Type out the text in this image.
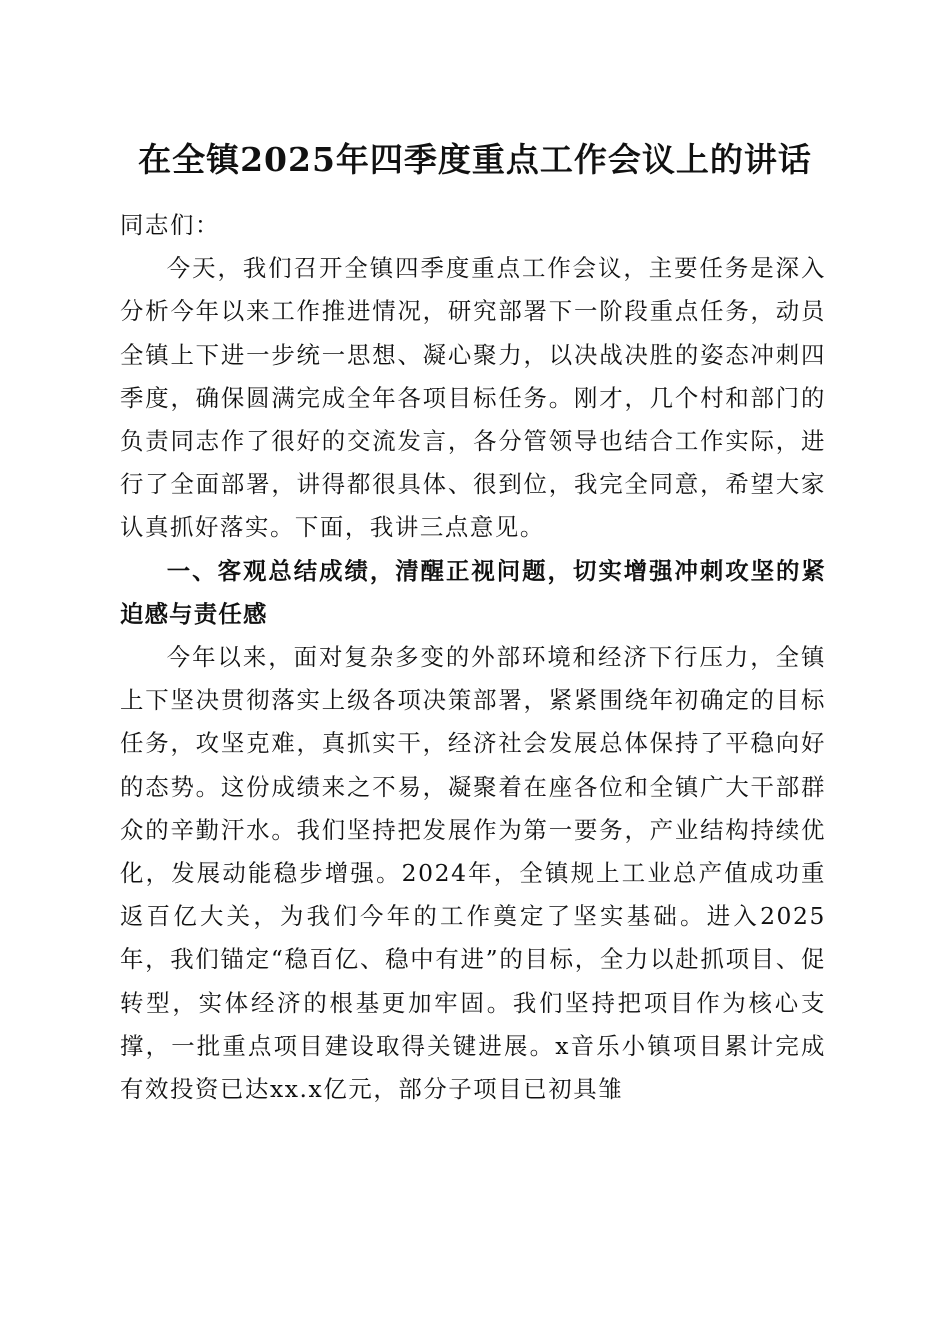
在全镇2025年四季度重点工作会议上的讲话

同志们：

今天，我们召开全镇四季度重点工作会议，主要任务是深入分析今年以来工作推进情况，研究部署下一阶段重点任务，动员全镇上下进一步统一思想、凝心聚力，以决战决胜的姿态冲刺四季度，确保圆满完成全年各项目标任务。刚才，几个村和部门的负责同志作了很好的交流发言，各分管领导也结合工作实际，进行了全面部署，讲得都很具体、很到位，我完全同意，希望大家认真抓好落实。下面，我讲三点意见。

一、客观总结成绩，清醒正视问题，切实增强冲刺攻坚的紧迫感与责任感

今年以来，面对复杂多变的外部环境和经济下行压力，全镇上下坚决贯彻落实上级各项决策部署，紧紧围绕年初确定的目标任务，攻坚克难，真抓实干，经济社会发展总体保持了平稳向好的态势。这份成绩来之不易，凝聚着在座各位和全镇广大干部群众的辛勤汗水。我们坚持把发展作为第一要务，产业结构持续优化，发展动能稳步增强。2024年，全镇规上工业总产值成功重返百亿大关，为我们今年的工作奠定了坚实基础。进入2025年，我们锚定“稳百亿、稳中有进”的目标，全力以赴抓项目、促转型，实体经济的根基更加牢固。我们坚持把项目作为核心支撑，一批重点项目建设取得关键进展。x音乐小镇项目累计完成有效投资已达xx.x亿元，部分子项目已初具雏
